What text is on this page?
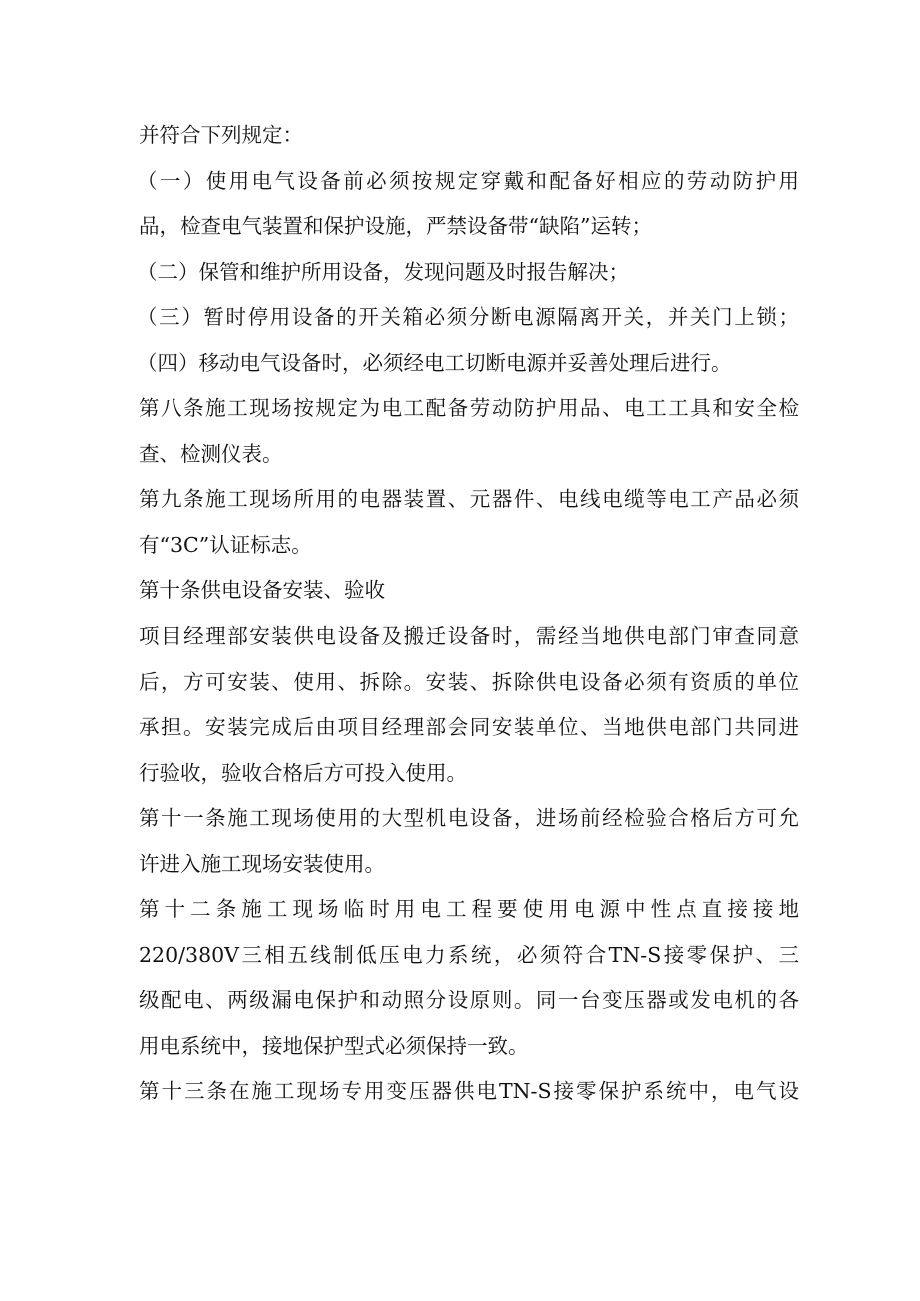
并符合下列规定：
（一）使用电气设备前必须按规定穿戴和配备好相应的劳动防护用
品，检查电气装置和保护设施，严禁设备带“缺陷”运转；
（二）保管和维护所用设备，发现问题及时报告解决；
（三）暂时停用设备的开关箱必须分断电源隔离开关，并关门上锁；
（四）移动电气设备时，必须经电工切断电源并妥善处理后进行。
第八条施工现场按规定为电工配备劳动防护用品、电工工具和安全检
查、检测仪表。
第九条施工现场所用的电器装置、元器件、电线电缆等电工产品必须
有“3C”认证标志。
第十条供电设备安装、验收
项目经理部安装供电设备及搬迁设备时，需经当地供电部门审查同意
后，方可安装、使用、拆除。安装、拆除供电设备必须有资质的单位
承担。安装完成后由项目经理部会同安装单位、当地供电部门共同进
行验收，验收合格后方可投入使用。
第十一条施工现场使用的大型机电设备，进场前经检验合格后方可允
许进入施工现场安装使用。
第十二条施工现场临时用电工程要使用电源中性点直接接地
220/380V三相五线制低压电力系统，必须符合TN-S接零保护、三
级配电、两级漏电保护和动照分设原则。同一台变压器或发电机的各
用电系统中，接地保护型式必须保持一致。
第十三条在施工现场专用变压器供电TN-S接零保护系统中，电气设
